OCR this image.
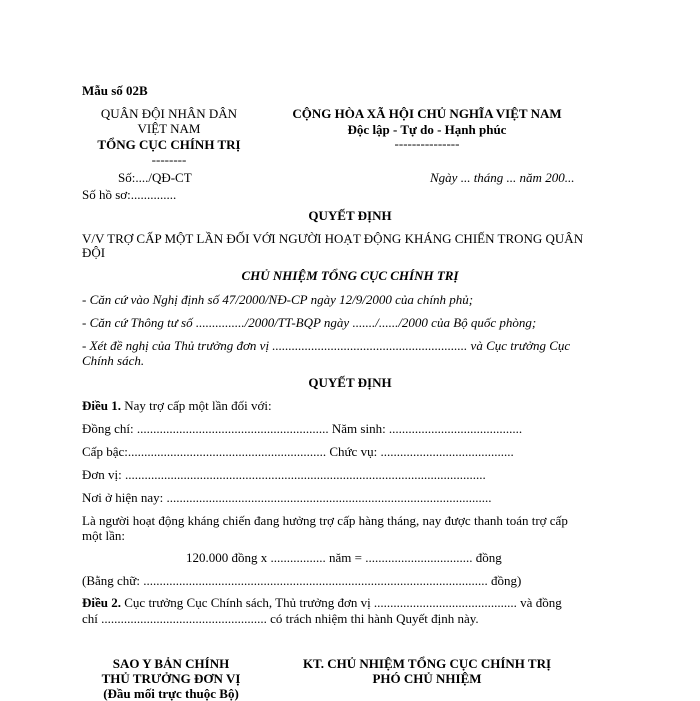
Mẫu số 02B
QUÂN ĐỘI NHÂN DÂN
VIỆT NAM
TỔNG CỤC CHÍNH TRỊ
--------
CỘNG HÒA XÃ HỘI CHỦ NGHĨA VIỆT NAM
Độc lập - Tự do - Hạnh phúc
---------------
Số:..../QĐ-CT	Ngày ... tháng ... năm 200...
Số hồ sơ:..............
QUYẾT ĐỊNH
V/V TRỢ CẤP MỘT LẦN ĐỐI VỚI NGƯỜI HOẠT ĐỘNG KHÁNG CHIẾN TRONG QUÂN
ĐỘI
CHỦ NHIỆM TỔNG CỤC CHÍNH TRỊ
- Căn cứ vào Nghị định số 47/2000/NĐ-CP ngày 12/9/2000 của chính phủ;
- Căn cứ Thông tư số .............../2000/TT-BQP ngày ......./....../2000 của Bộ quốc phòng;
- Xét đề nghị của Thủ trưởng đơn vị ............................................................ và Cục trưởng Cục
Chính sách.
QUYẾT ĐỊNH
Điều 1. Nay trợ cấp một lần đối với:
Đồng chí: ........................................................... Năm sinh: .........................................
Cấp bậc:............................................................. Chức vụ: .........................................
Đơn vị: ...............................................................................................................
Nơi ở hiện nay: ....................................................................................................
Là người hoạt động kháng chiến đang hưởng trợ cấp hàng tháng, nay được thanh toán trợ cấp
một lần:
120.000 đồng x ................. năm = ................................. đồng
(Bằng chữ: .......................................................................................................... đồng)
Điều 2. Cục trưởng Cục Chính sách, Thủ trưởng đơn vị ............................................ và đồng
chí ................................................... có trách nhiệm thi hành Quyết định này.
SAO Y BẢN CHÍNH
THỦ TRƯỞNG ĐƠN VỊ
(Đầu mối trực thuộc Bộ)
KT. CHỦ NHIỆM TỔNG CỤC CHÍNH TRỊ
PHÓ CHỦ NHIỆM
